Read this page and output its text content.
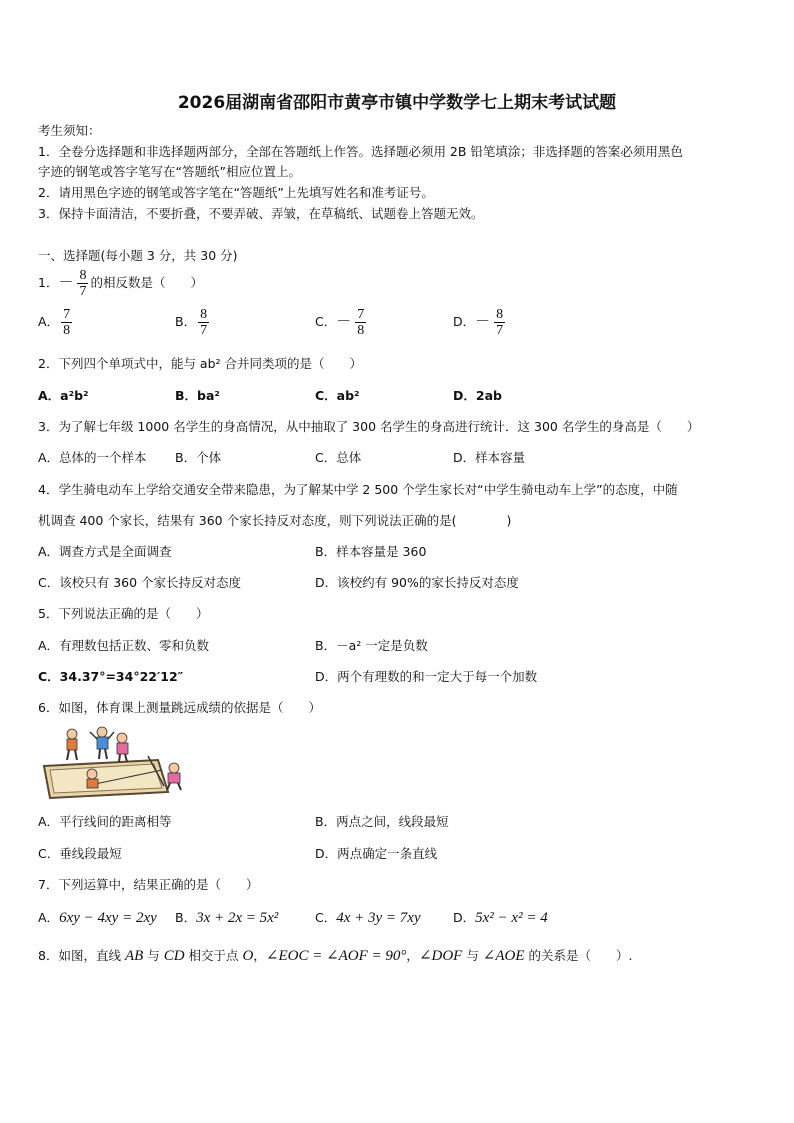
2026届湖南省邵阳市黄亭市镇中学数学七上期末考试试题
考生须知：
1．全卷分选择题和非选择题两部分，全部在答题纸上作答。选择题必须用 2B 铅笔填涂；非选择题的答案必须用黑色
字迹的钢笔或答字笔写在“答题纸”相应位置上。
2．请用黑色字迹的钢笔或答字笔在“答题纸”上先填写姓名和准考证号。
3．保持卡面清洁，不要折叠，不要弄破、弄皱，在草稿纸、试题卷上答题无效。
一、选择题(每小题 3 分，共 30 分)
1．－ $\frac{8}{7}$ 的相反数是（　　）
A． $\frac{7}{8}$	B． $\frac{8}{7}$	C．－ $\frac{7}{8}$	D．－ $\frac{8}{7}$
2．下列四个单项式中，能与 ab² 合并同类项的是（　　）
A．a²b²	B．ba²	C．ab²	D．2ab
3．为了解七年级 1000 名学生的身高情况，从中抽取了 300 名学生的身高进行统计．这 300 名学生的身高是（　　）
A．总体的一个样本 B．个体	C．总体	D．样本容量
4．学生骑电动车上学给交通安全带来隐患，为了解某中学 2 500 个学生家长对“中学生骑电动车上学”的态度，中随
机调查 400 个家长，结果有 360 个家长持反对态度，则下列说法正确的是(　　　　)
A．调查方式是全面调查	B．样本容量是 360
C．该校只有 360 个家长持反对态度	D．该校约有 90%的家长持反对态度
5．下列说法正确的是（　　）
A．有理数包括正数、零和负数	B．－a² 一定是负数
C．34.37°=34°22′12″	D．两个有理数的和一定大于每一个加数
6．如图，体育课上测量跳远成绩的依据是（　　）
A．平行线间的距离相等	B．两点之间，线段最短
C．垂线段最短	D．两点确定一条直线
7．下列运算中，结果正确的是（　　）
A．6xy − 4xy = 2xy B．3x + 2x = 5x²	C．4x + 3y = 7xy	D．5x² − x² = 4
8．如图，直线 AB 与 CD 相交于点 O，∠EOC = ∠AOF = 90°，∠DOF 与 ∠AOE 的关系是（　　）.
